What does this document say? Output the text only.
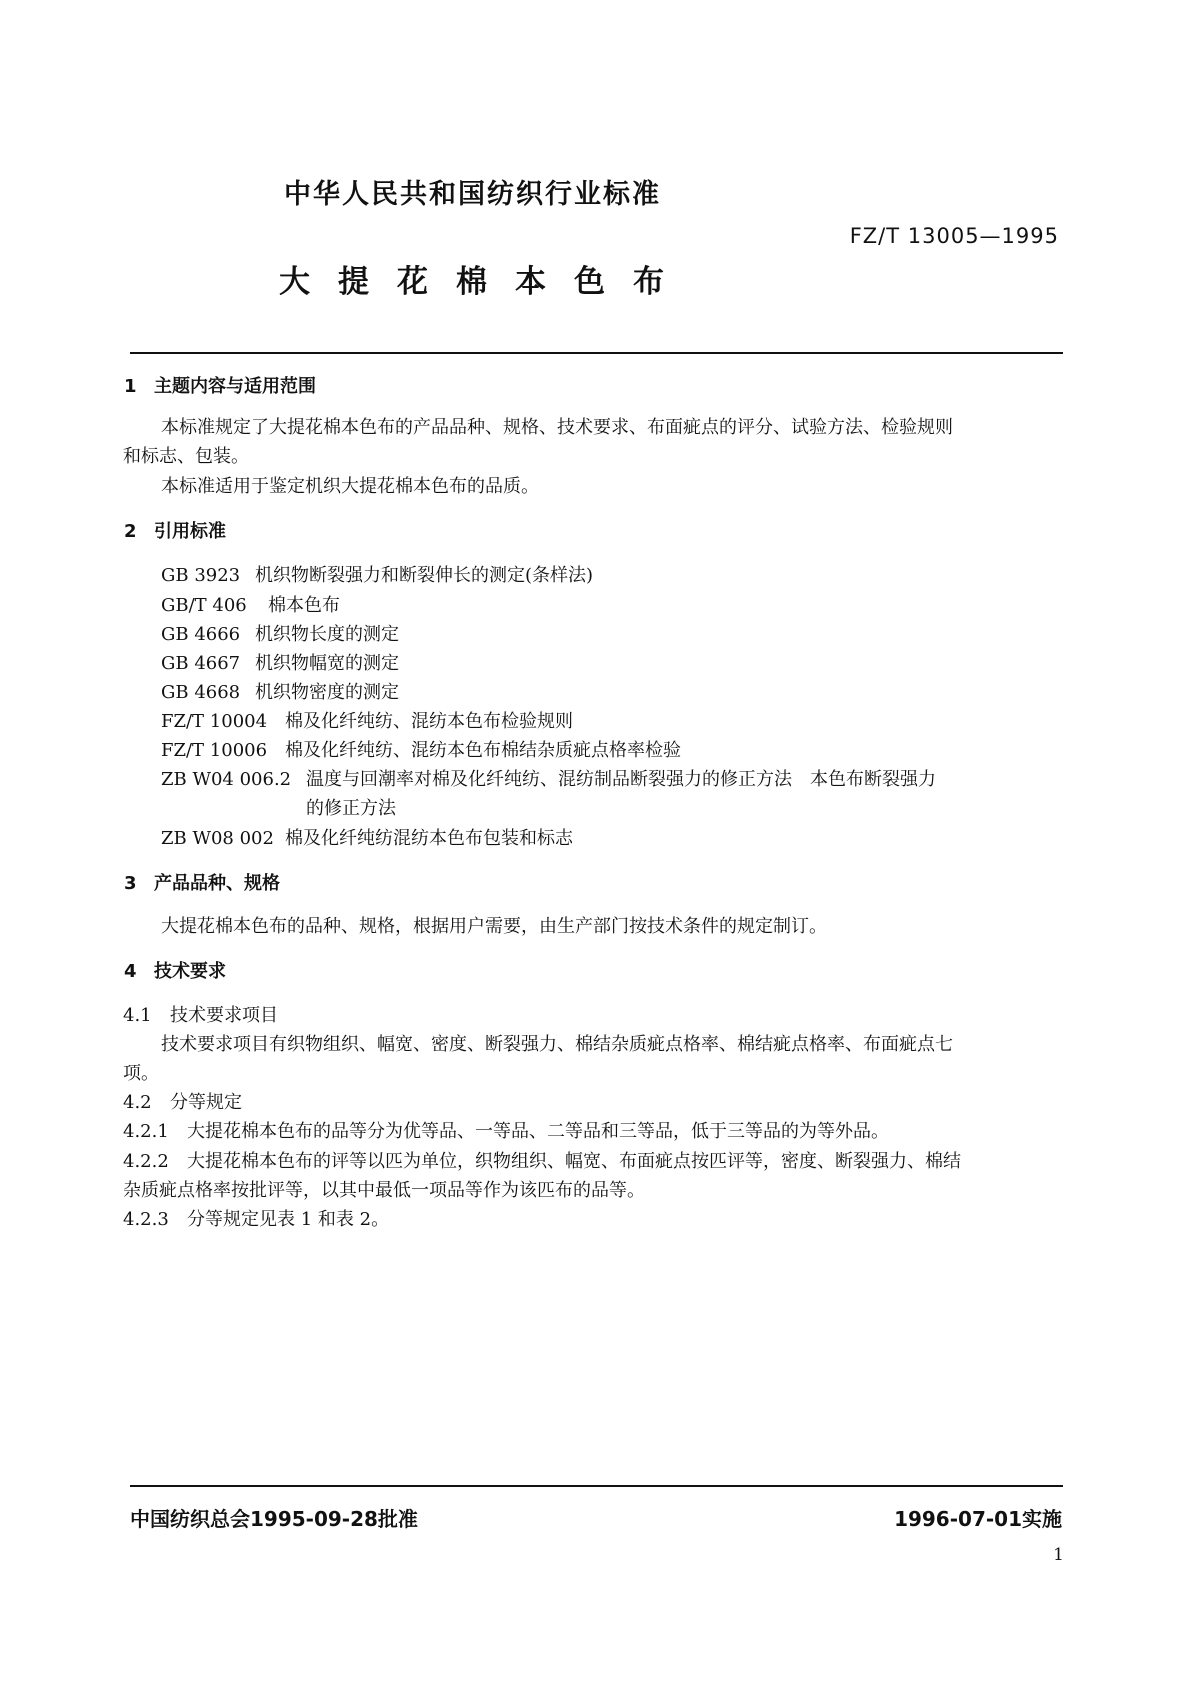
中华人民共和国纺织行业标准
FZ/T 13005—1995
大提花棉本色布
1 主题内容与适用范围
本标准规定了大提花棉本色布的产品品种、规格、技术要求、布面疵点的评分、试验方法、检验规则
和标志、包装。
本标准适用于鉴定机织大提花棉本色布的品质。
2 引用标准
GB 3923 机织物断裂强力和断裂伸长的测定(条样法)
GB/T 406 棉本色布
GB 4666 机织物长度的测定
GB 4667 机织物幅宽的测定
GB 4668 机织物密度的测定
FZ/T 10004 棉及化纤纯纺、混纺本色布检验规则
FZ/T 10006 棉及化纤纯纺、混纺本色布棉结杂质疵点格率检验
ZB W04 006.2 温度与回潮率对棉及化纤纯纺、混纺制品断裂强力的修正方法　本色布断裂强力
的修正方法
ZB W08 002 棉及化纤纯纺混纺本色布包装和标志
3 产品品种、规格
大提花棉本色布的品种、规格，根据用户需要，由生产部门按技术条件的规定制订。
4 技术要求
4.1 技术要求项目
技术要求项目有织物组织、幅宽、密度、断裂强力、棉结杂质疵点格率、棉结疵点格率、布面疵点七
项。
4.2 分等规定
4.2.1 大提花棉本色布的品等分为优等品、一等品、二等品和三等品，低于三等品的为等外品。
4.2.2 大提花棉本色布的评等以匹为单位，织物组织、幅宽、布面疵点按匹评等，密度、断裂强力、棉结
杂质疵点格率按批评等，以其中最低一项品等作为该匹布的品等。
4.2.3 分等规定见表 1 和表 2。
中国纺织总会1995-09-28批准	1996-07-01实施
1
